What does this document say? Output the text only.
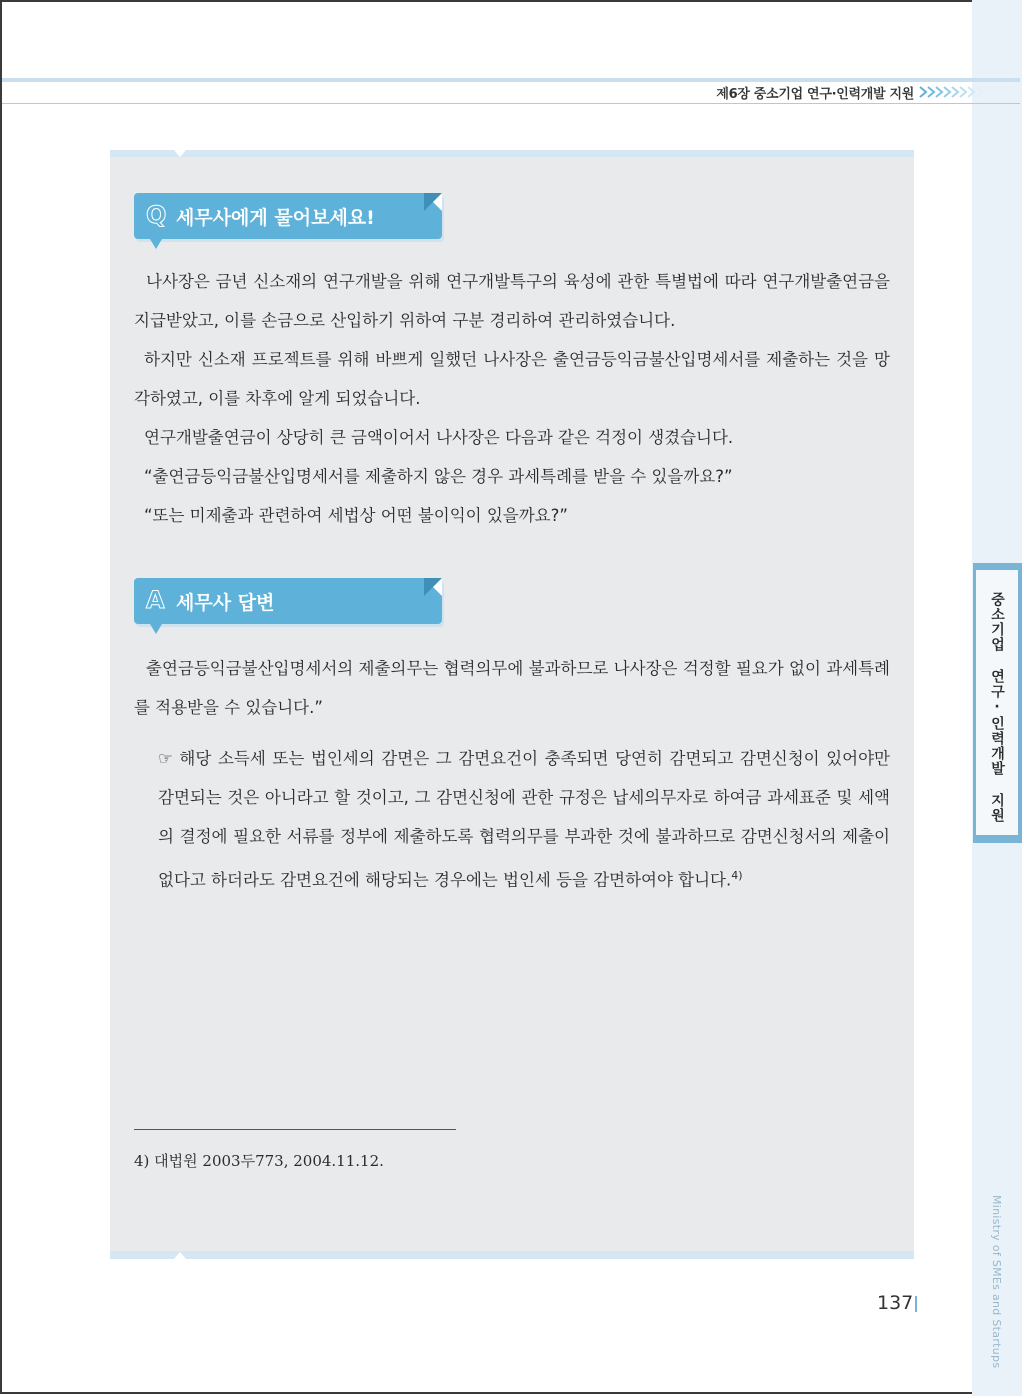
제6장 중소기업 연구·인력개발 지원
중소기업 연구·인력개발 지원
Ministry of SMEs and Startups
Q 세무사에게 물어보세요!
나사장은 금년 신소재의 연구개발을 위해 연구개발특구의 육성에 관한 특별법에 따라 연구개발출연금을 지급받았고, 이를 손금으로 산입하기 위하여 구분 경리하여 관리하였습니다.
하지만 신소재 프로젝트를 위해 바쁘게 일했던 나사장은 출연금등익금불산입명세서를 제출하는 것을 망각하였고, 이를 차후에 알게 되었습니다.
연구개발출연금이 상당히 큰 금액이어서 나사장은 다음과 같은 걱정이 생겼습니다.
“출연금등익금불산입명세서를 제출하지 않은 경우 과세특례를 받을 수 있을까요?”
“또는 미제출과 관련하여 세법상 어떤 불이익이 있을까요?”
A 세무사 답변
출연금등익금불산입명세서의 제출의무는 협력의무에 불과하므로 나사장은 걱정할 필요가 없이 과세특례를 적용받을 수 있습니다.”
☞ 해당 소득세 또는 법인세의 감면은 그 감면요건이 충족되면 당연히 감면되고 감면신청이 있어야만 감면되는 것은 아니라고 할 것이고, 그 감면신청에 관한 규정은 납세의무자로 하여금 과세표준 및 세액의 결정에 필요한 서류를 정부에 제출하도록 협력의무를 부과한 것에 불과하므로 감면신청서의 제출이 없다고 하더라도 감면요건에 해당되는 경우에는 법인세 등을 감면하여야 합니다.$^{4)}$
4) 대법원 2003두773, 2004.11.12.
137
